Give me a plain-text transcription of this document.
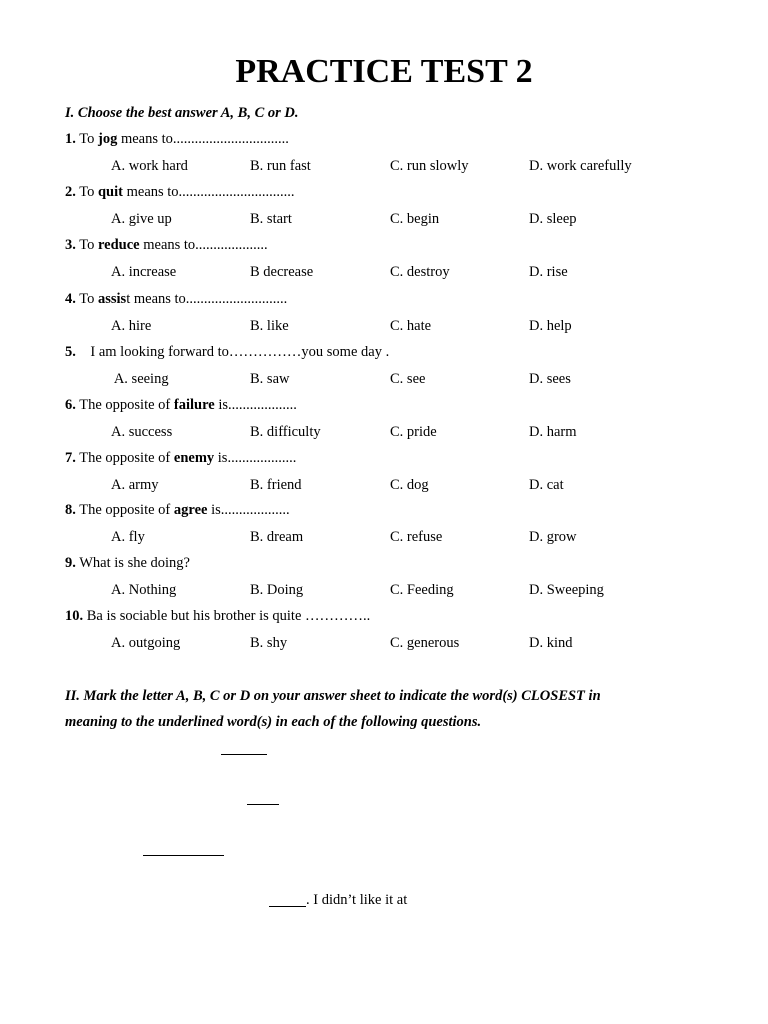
PRACTICE TEST 2
I. Choose the best answer A, B, C or D.
1. To jog means to................................
A. work hard	B. run fast	C. run slowly	D. work carefully
2. To quit means to................................
A. give up	B. start	C. begin	D. sleep
3. To reduce means to....................
A. increase	B decrease	C. destroy	D. rise
4. To assist means to............................
A. hire	B. like	C. hate	D. help
5.    I am looking forward to……………you some day .
A. seeing	B. saw	C. see	D. sees
6. The opposite of failure is...................
A. success	B. difficulty	C. pride	D. harm
7. The opposite of enemy is...................
A. army	B. friend	C. dog	D. cat
8. The opposite of agree is...................
A. fly	B. dream	C. refuse	D. grow
9. What is she doing?
A. Nothing	B. Doing	C. Feeding	D. Sweeping
10. Ba is sociable but his brother is quite …………..
A. outgoing	B. shy	C. generous	D. kind
II. Mark the letter A, B, C or D on your answer sheet to indicate the word(s) CLOSEST in
meaning to the underlined word(s) in each of the following questions.
. I didn’t like it at
